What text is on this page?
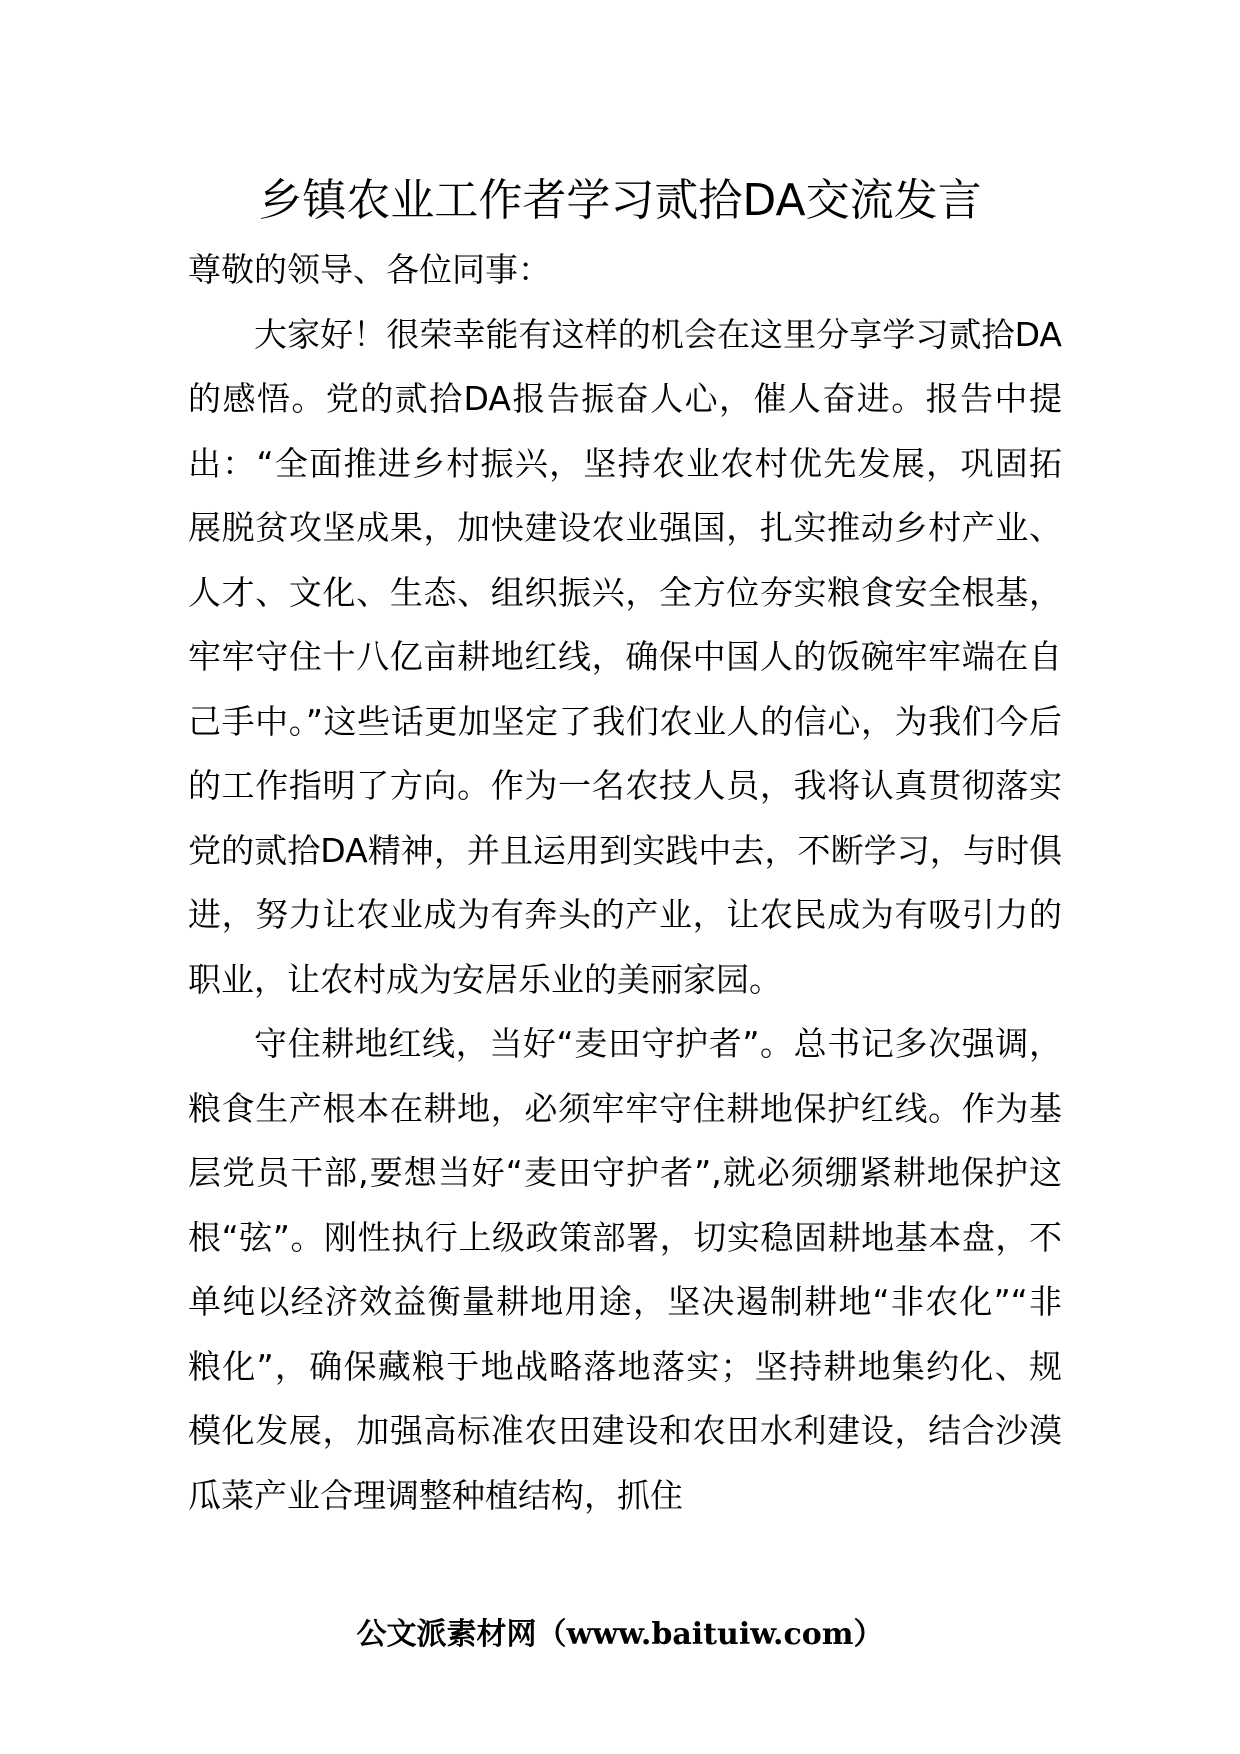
乡镇农业工作者学习贰拾DA交流发言

尊敬的领导、各位同事：

大家好！很荣幸能有这样的机会在这里分享学习贰拾DA的感悟。党的贰拾DA报告振奋人心，催人奋进。报告中提出：“全面推进乡村振兴，坚持农业农村优先发展，巩固拓展脱贫攻坚成果，加快建设农业强国，扎实推动乡村产业、人才、文化、生态、组织振兴，全方位夯实粮食安全根基，牢牢守住十八亿亩耕地红线，确保中国人的饭碗牢牢端在自己手中。”这些话更加坚定了我们农业人的信心，为我们今后的工作指明了方向。作为一名农技人员，我将认真贯彻落实党的贰拾DA精神，并且运用到实践中去，不断学习，与时俱进，努力让农业成为有奔头的产业，让农民成为有吸引力的职业，让农村成为安居乐业的美丽家园。

守住耕地红线，当好“麦田守护者”。总书记多次强调，粮食生产根本在耕地，必须牢牢守住耕地保护红线。作为基层党员干部,要想当好“麦田守护者”,就必须绷紧耕地保护这根“弦”。刚性执行上级政策部署，切实稳固耕地基本盘，不单纯以经济效益衡量耕地用途，坚决遏制耕地“非农化”“非粮化”，确保藏粮于地战略落地落实；坚持耕地集约化、规模化发展，加强高标准农田建设和农田水利建设，结合沙漠瓜菜产业合理调整种植结构，抓住

公文派素材网（www.baituiw.com）
